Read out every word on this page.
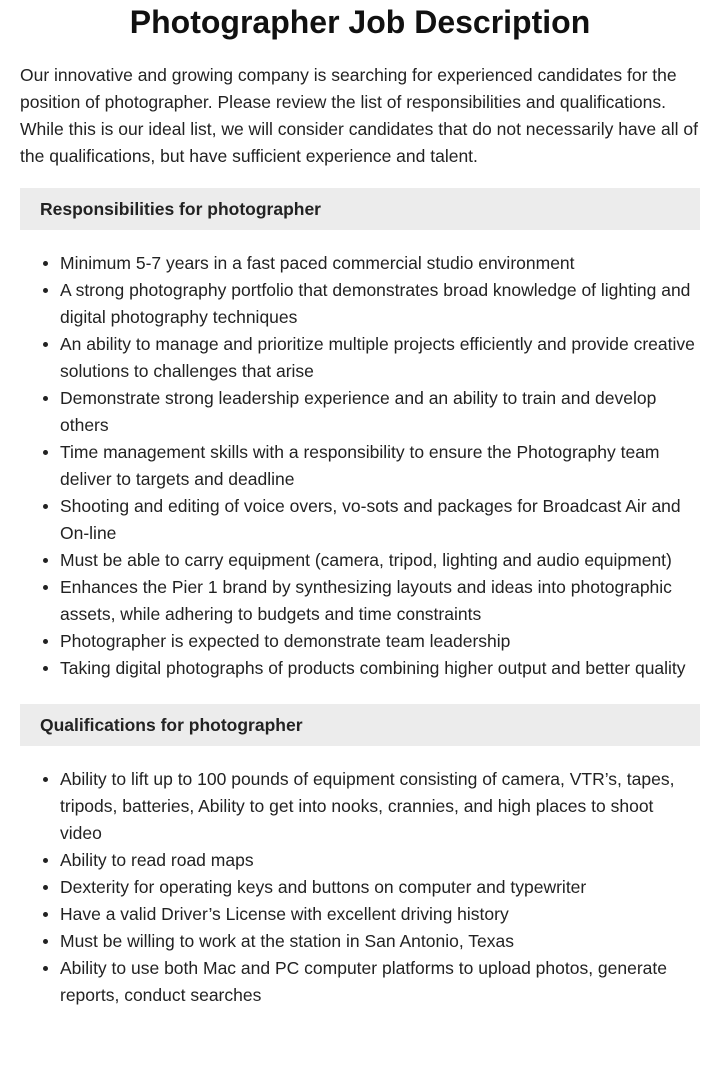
Photographer Job Description

Our innovative and growing company is searching for experienced candidates for the position of photographer. Please review the list of responsibilities and qualifications. While this is our ideal list, we will consider candidates that do not necessarily have all of the qualifications, but have sufficient experience and talent.

Responsibilities for photographer
Minimum 5-7 years in a fast paced commercial studio environment
A strong photography portfolio that demonstrates broad knowledge of lighting and digital photography techniques
An ability to manage and prioritize multiple projects efficiently and provide creative solutions to challenges that arise
Demonstrate strong leadership experience and an ability to train and develop others
Time management skills with a responsibility to ensure the Photography team deliver to targets and deadline
Shooting and editing of voice overs, vo-sots and packages for Broadcast Air and On-line
Must be able to carry equipment (camera, tripod, lighting and audio equipment)
Enhances the Pier 1 brand by synthesizing layouts and ideas into photographic assets, while adhering to budgets and time constraints
Photographer is expected to demonstrate team leadership
Taking digital photographs of products combining higher output and better quality
Qualifications for photographer
Ability to lift up to 100 pounds of equipment consisting of camera, VTR’s, tapes, tripods, batteries, Ability to get into nooks, crannies, and high places to shoot video
Ability to read road maps
Dexterity for operating keys and buttons on computer and typewriter
Have a valid Driver’s License with excellent driving history
Must be willing to work at the station in San Antonio, Texas
Ability to use both Mac and PC computer platforms to upload photos, generate reports, conduct searches
